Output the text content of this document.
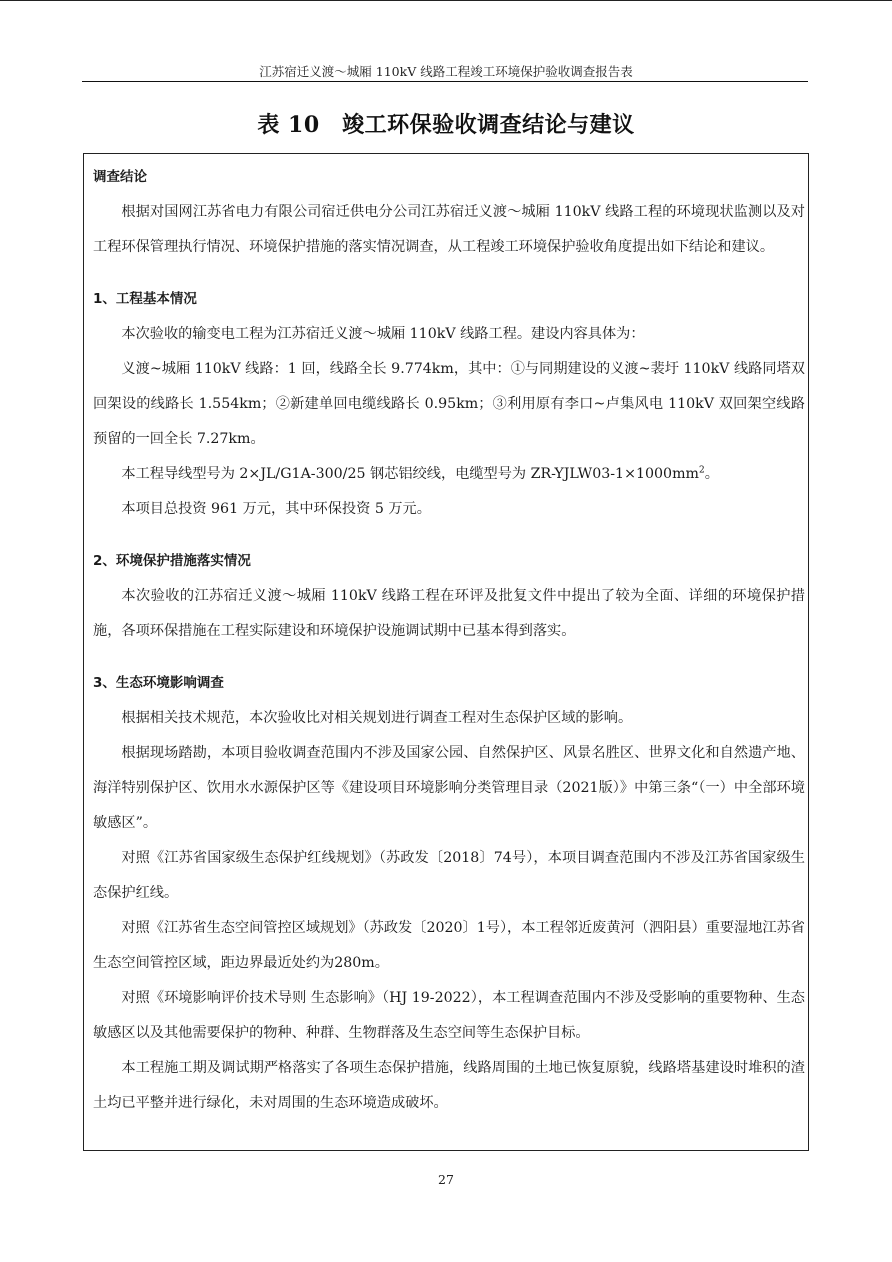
江苏宿迁义渡～城厢 110kV 线路工程竣工环境保护验收调查报告表
表 10　竣工环保验收调查结论与建议

调查结论

根据对国网江苏省电力有限公司宿迁供电分公司江苏宿迁义渡～城厢 110kV 线路工程的环境现状监测以及对工程环保管理执行情况、环境保护措施的落实情况调查，从工程竣工环境保护验收角度提出如下结论和建议。

1、工程基本情况

本次验收的输变电工程为江苏宿迁义渡～城厢 110kV 线路工程。建设内容具体为：

义渡~城厢 110kV 线路：1 回，线路全长 9.774km，其中：①与同期建设的义渡~裴圩 110kV 线路同塔双回架设的线路长 1.554km；②新建单回电缆线路长 0.95km；③利用原有李口~卢集风电 110kV 双回架空线路预留的一回全长 7.27km。

本工程导线型号为 2×JL/G1A-300/25 钢芯铝绞线，电缆型号为 $ZR-YJLW03-1\times 1000mm^2$。

本项目总投资 961 万元，其中环保投资 5 万元。

2、环境保护措施落实情况

本次验收的江苏宿迁义渡～城厢 110kV 线路工程在环评及批复文件中提出了较为全面、详细的环境保护措施，各项环保措施在工程实际建设和环境保护设施调试期中已基本得到落实。

3、生态环境影响调查

根据相关技术规范，本次验收比对相关规划进行调查工程对生态保护区域的影响。

根据现场踏勘，本项目验收调查范围内不涉及国家公园、自然保护区、风景名胜区、世界文化和自然遗产地、海洋特别保护区、饮用水水源保护区等《建设项目环境影响分类管理目录（2021版）》中第三条“（一）中全部环境敏感区”。

对照《江苏省国家级生态保护红线规划》（苏政发〔2018〕74号），本项目调查范围内不涉及江苏省国家级生态保护红线。

对照《江苏省生态空间管控区域规划》（苏政发〔2020〕1号），本工程邻近废黄河（泗阳县）重要湿地江苏省生态空间管控区域，距边界最近处约为280m。

对照《环境影响评价技术导则 生态影响》（HJ 19-2022），本工程调查范围内不涉及受影响的重要物种、生态敏感区以及其他需要保护的物种、种群、生物群落及生态空间等生态保护目标。

本工程施工期及调试期严格落实了各项生态保护措施，线路周围的土地已恢复原貌，线路塔基建设时堆积的渣土均已平整并进行绿化，未对周围的生态环境造成破坏。

27
